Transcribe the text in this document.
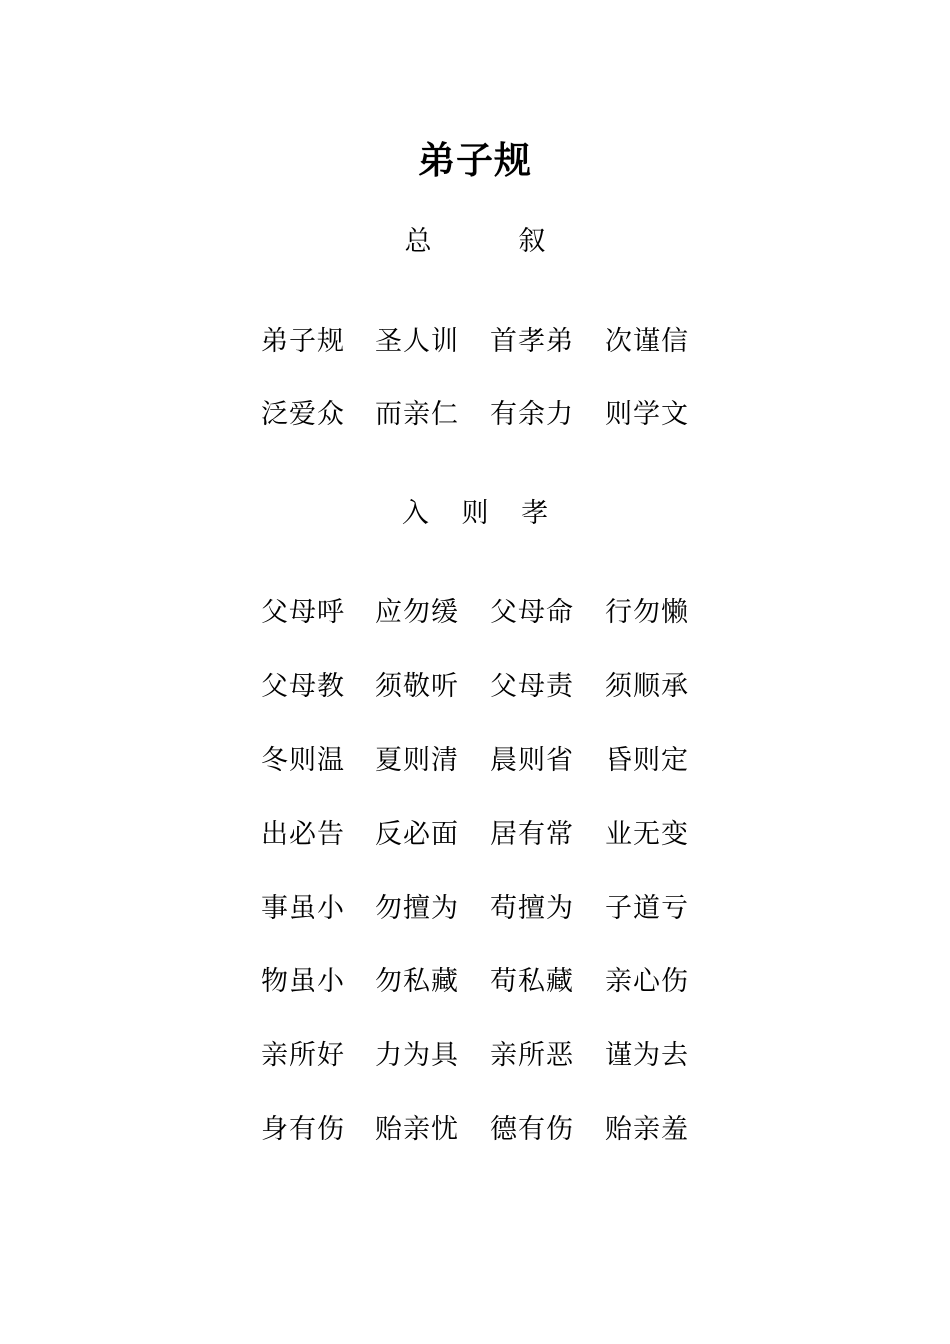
弟子规
总　叙
弟子规 圣人训 首孝弟 次谨信
泛爱众 而亲仁 有余力 则学文
入 则 孝
父母呼 应勿缓 父母命 行勿懒
父母教 须敬听 父母责 须顺承
冬则温 夏则清 晨则省 昏则定
出必告 反必面 居有常 业无变
事虽小 勿擅为 苟擅为 子道亏
物虽小 勿私藏 苟私藏 亲心伤
亲所好 力为具 亲所恶 谨为去
身有伤 贻亲忧 德有伤 贻亲羞
